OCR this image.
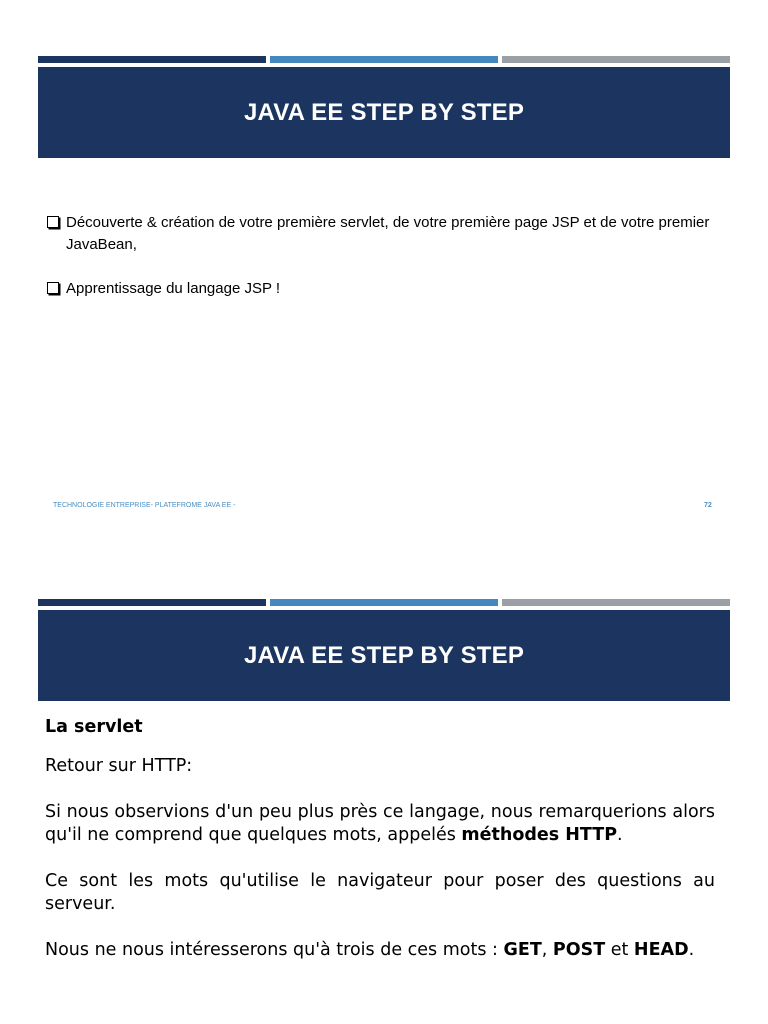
JAVA EE STEP BY STEP
Découverte & création de votre première servlet, de votre première page JSP et de votre premier JavaBean,
Apprentissage du langage JSP !
TECHNOLOGIE ENTREPRISE- PLATEFROME JAVA EE -	72
JAVA EE STEP BY STEP

La servlet

Retour sur HTTP:

Si nous observions d'un peu plus près ce langage, nous remarquerions alors qu'il ne comprend que quelques mots, appelés méthodes HTTP.

Ce sont les mots qu'utilise le navigateur pour poser des questions au serveur.

Nous ne nous intéresserons qu'à trois de ces mots : GET, POST et HEAD.
